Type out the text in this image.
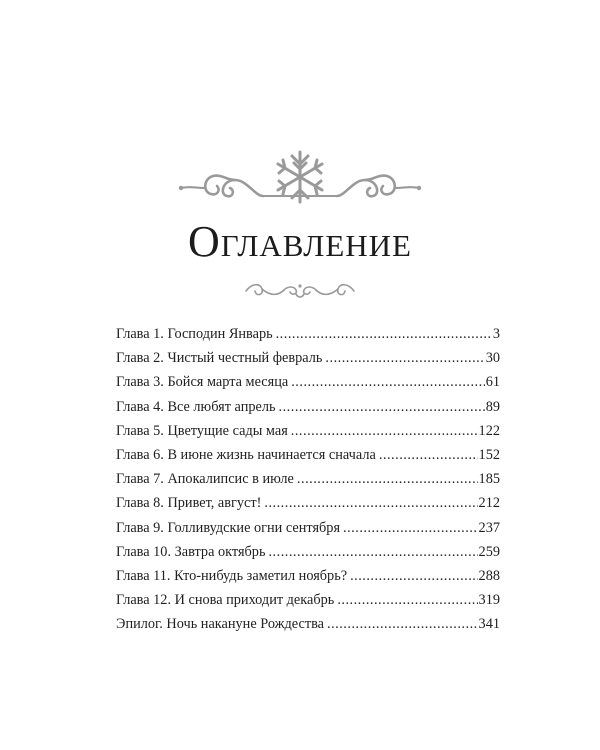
Оглавление
Глава 1. Господин Январь .....	3
Глава 2. Чистый честный февраль .....	30
Глава 3. Бойся марта месяца .....	61
Глава 4. Все любят апрель .....	89
Глава 5. Цветущие сады мая .....	122
Глава 6. В июне жизнь начинается сначала .....	152
Глава 7. Апокалипсис в июле .....	185
Глава 8. Привет, август! .....	212
Глава 9. Голливудские огни сентября .....	237
Глава 10. Завтра октябрь .....	259
Глава 11. Кто-нибудь заметил ноябрь? .....	288
Глава 12. И снова приходит декабрь .....	319
Эпилог. Ночь накануне Рождества .....	341
